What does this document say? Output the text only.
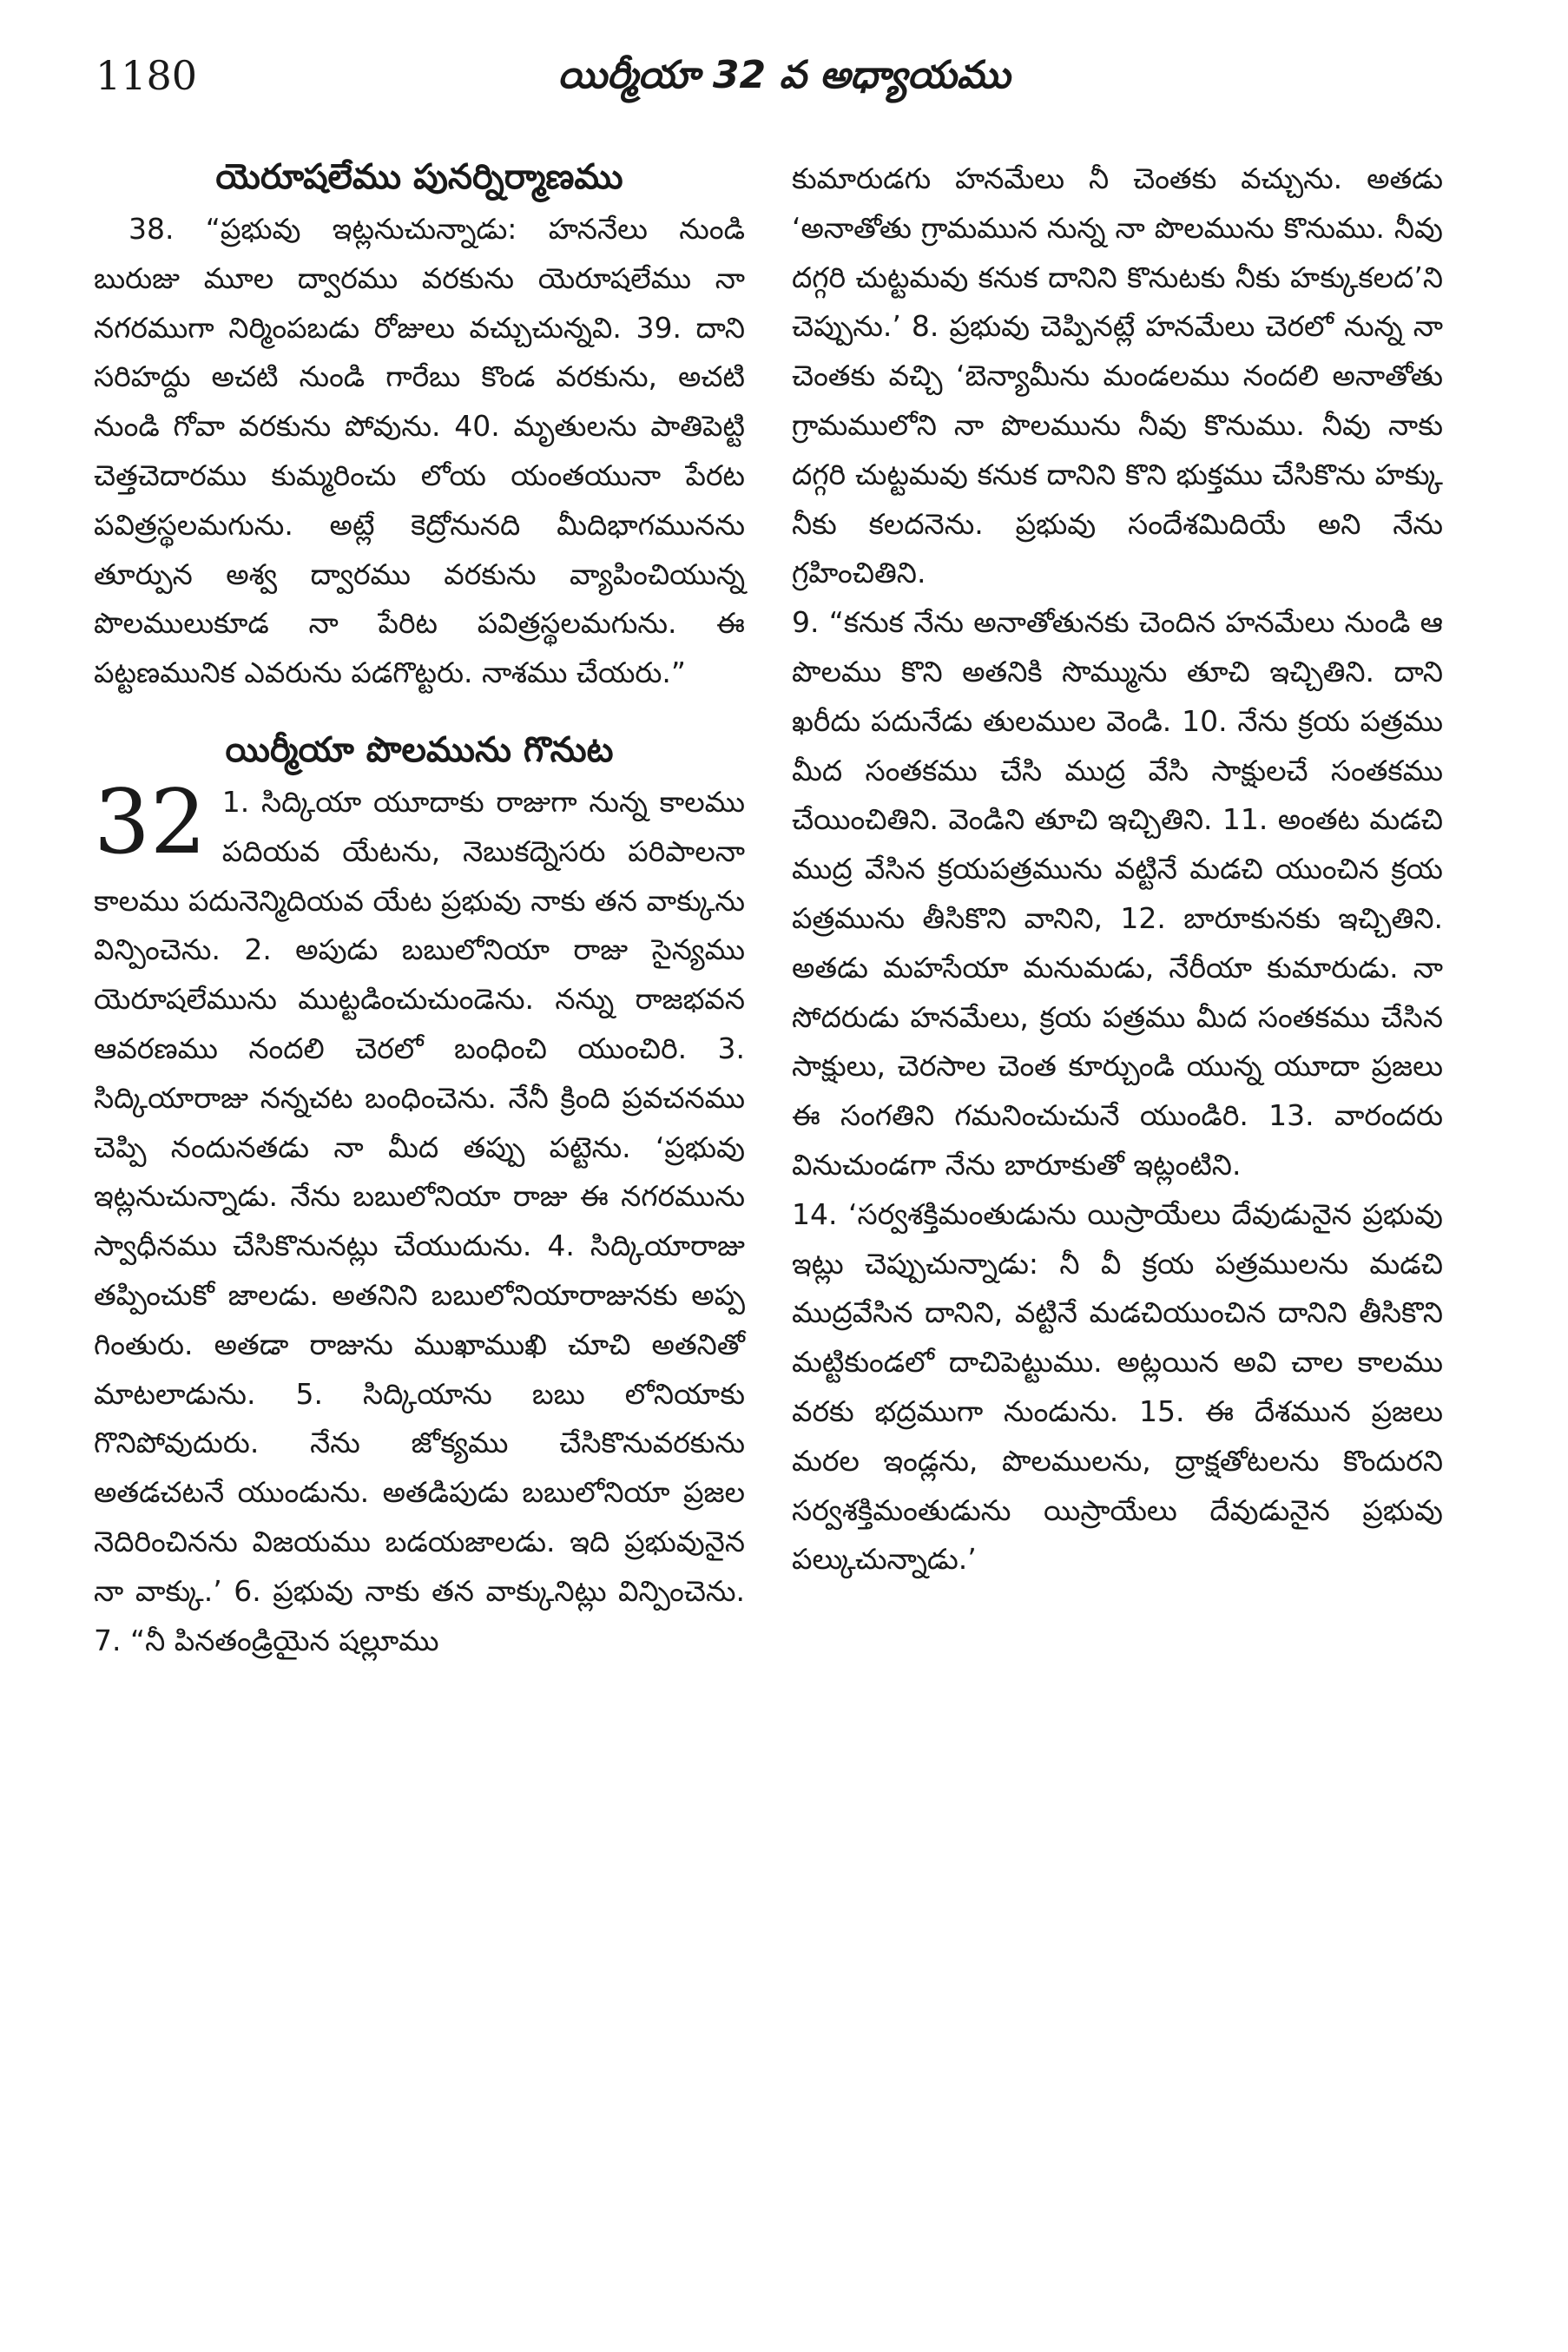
1180	యిర్మీయా 32 వ అధ్యాయము
యెరూషలేము పునర్నిర్మాణము

38. “ప్రభువు ఇట్లనుచున్నాడు: హననేలు నుండి బురుజు మూల ద్వారము వరకును యెరూషలేము నా నగరముగా నిర్మింపబడు రోజులు వచ్చుచున్నవి. 39. దాని సరిహద్దు అచటి నుండి గారేబు కొండ వరకును, అచటి నుండి గోవా వరకును పోవును. 40. మృతులను పాతిపెట్టి చెత్తచెదారము కుమ్మరించు లోయ యంతయునా పేరట పవిత్రస్థలమగును. అట్లే కెద్రోనునది మీదిభాగమునను తూర్పున అశ్వ ద్వారము వరకును వ్యాపించియున్న పొలములుకూడ నా పేరిట పవిత్రస్థలమగును. ఈ పట్టణమునిక ఎవరును పడగొట్టరు. నాశము చేయరు.”

యిర్మీయా పొలమును గొనుట
32 1. సిద్కియా యూదాకు రాజుగా నున్న కాలము పదియవ యేటను, నెబుకద్నెసరు పరిపాలనా కాలము పదునెన్మిదియవ యేట ప్రభువు నాకు తన వాక్కును విన్పించెను. 2. అపుడు బబులోనియా రాజు సైన్యము యెరూషలేమును ముట్టడించుచుండెను. నన్ను రాజభవన ఆవరణము నందలి చెరలో బంధించి యుంచిరి. 3. సిద్కియారాజు నన్నచట బంధించెను. నేనీ క్రింది ప్రవచనము చెప్పి నందునతడు నా మీద తప్పు పట్టెను. ‘ప్రభువు ఇట్లనుచున్నాడు. నేను బబులోనియా రాజు ఈ నగరమును స్వాధీనము చేసికొనునట్లు చేయుదును. 4. సిద్కియారాజు తప్పించుకో జాలడు. అతనిని బబులోనియారాజునకు అప్ప గింతురు. అతడా రాజును ముఖాముఖి చూచి అతనితో మాటలాడును. 5. సిద్కియాను బబు లోనియాకు గొనిపోవుదురు. నేను జోక్యము చేసికొనువరకును అతడచటనే యుండును. అతడిపుడు బబులోనియా ప్రజల నెదిరించినను విజయము బడయజాలడు. ఇది ప్రభువునైన నా వాక్కు.’ 6. ప్రభువు నాకు తన వాక్కునిట్లు విన్పించెను. 7. “నీ పినతండ్రియైన షల్లూము

కుమారుడగు హనమేలు నీ చెంతకు వచ్చును. అతడు ‘అనాతోతు గ్రామమున నున్న నా పొలమును కొనుము. నీవు దగ్గరి చుట్టమవు కనుక దానిని కొనుటకు నీకు హక్కుకలద’ని చెప్పును.’ 8. ప్రభువు చెప్పినట్లే హనమేలు చెరలో నున్న నా చెంతకు వచ్చి ‘బెన్యామీను మండలము నందలి అనాతోతు గ్రామములోని నా పొలమును నీవు కొనుము. నీవు నాకు దగ్గరి చుట్టమవు కనుక దానిని కొని భుక్తము చేసికొను హక్కు నీకు కలదనెను. ప్రభువు సందేశమిదియే అని నేను గ్రహించితిని.

9. “కనుక నేను అనాతోతునకు చెందిన హనమేలు నుండి ఆ పొలము కొని అతనికి సొమ్మును తూచి ఇచ్చితిని. దాని ఖరీదు పదునేడు తులముల వెండి. 10. నేను క్రయ పత్రము మీద సంతకము చేసి ముద్ర వేసి సాక్షులచే సంతకము చేయించితిని. వెండిని తూచి ఇచ్చితిని. 11. అంతట మడచి ముద్ర వేసిన క్రయపత్రమును వట్టినే మడచి యుంచిన క్రయ పత్రమును తీసికొని వానిని, 12. బారూకునకు ఇచ్చితిని. అతడు మహసేయా మనుమడు, నేరీయా కుమారుడు. నా సోదరుడు హనమేలు, క్రయ పత్రము మీద సంతకము చేసిన సాక్షులు, చెరసాల చెంత కూర్చుండి యున్న యూదా ప్రజలు ఈ సంగతిని గమనించుచునే యుండిరి. 13. వారందరు వినుచుండగా నేను బారూకుతో ఇట్లంటిని.

14. ‘సర్వశక్తిమంతుడును యిస్రాయేలు దేవుడునైన ప్రభువు ఇట్లు చెప్పుచున్నాడు: నీ వీ క్రయ పత్రములను మడచి ముద్రవేసిన దానిని, వట్టినే మడచియుంచిన దానిని తీసికొని మట్టికుండలో దాచిపెట్టుము. అట్లయిన అవి చాల కాలము వరకు భద్రముగా నుండును. 15. ఈ దేశమున ప్రజలు మరల ఇండ్లను, పొలములను, ద్రాక్షతోటలను కొందురని సర్వశక్తిమంతుడును యిస్రాయేలు దేవుడునైన ప్రభువు పల్కుచున్నాడు.’
